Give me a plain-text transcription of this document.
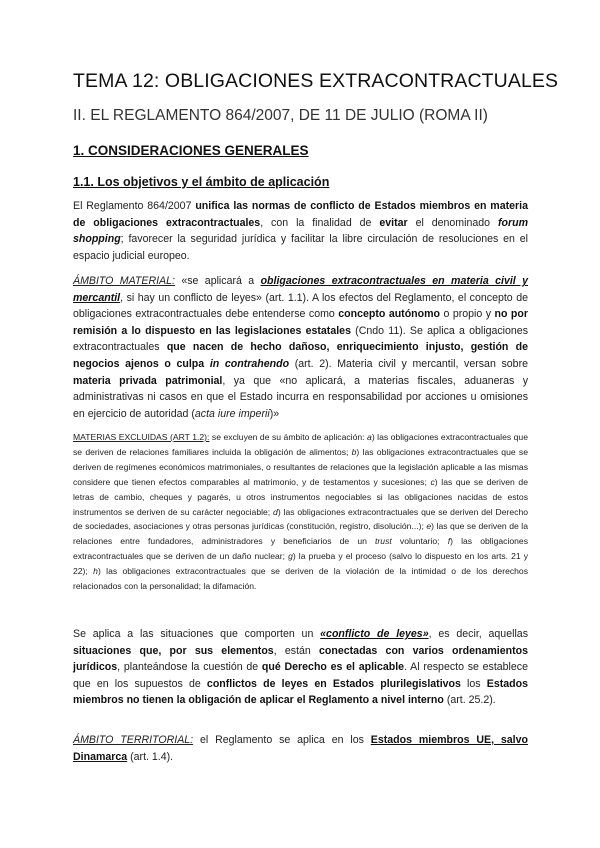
TEMA 12: OBLIGACIONES EXTRACONTRACTUALES
II. EL REGLAMENTO 864/2007, DE 11 DE JULIO (ROMA II)
1. CONSIDERACIONES GENERALES
1.1. Los objetivos y el ámbito de aplicación
El Reglamento 864/2007 unifica las normas de conflicto de Estados miembros en materia de obligaciones extracontractuales, con la finalidad de evitar el denominado forum shopping; favorecer la seguridad jurídica y facilitar la libre circulación de resoluciones en el espacio judicial europeo.
ÁMBITO MATERIAL: «se aplicará a obligaciones extracontractuales en materia civil y mercantil, si hay un conflicto de leyes» (art. 1.1). A los efectos del Reglamento, el concepto de obligaciones extracontractuales debe entenderse como concepto autónomo o propio y no por remisión a lo dispuesto en las legislaciones estatales (Cndo 11). Se aplica a obligaciones extracontractuales que nacen de hecho dañoso, enriquecimiento injusto, gestión de negocios ajenos o culpa in contrahendo (art. 2). Materia civil y mercantil, versan sobre materia privada patrimonial, ya que «no aplicará, a materias fiscales, aduaneras y administrativas ni casos en que el Estado incurra en responsabilidad por acciones u omisiones en ejercicio de autoridad (acta iure imperii)»
MATERIAS EXCLUIDAS (ART 1.2): se excluyen de su ámbito de aplicación: a) las obligaciones extracontractuales que se deriven de relaciones familiares incluida la obligación de alimentos; b) las obligaciones extracontractuales que se deriven de regímenes económicos matrimoniales, o resultantes de relaciones que la legislación aplicable a las mismas considere que tienen efectos comparables al matrimonio, y de testamentos y sucesiones; c) las que se deriven de letras de cambio, cheques y pagarés, u otros instrumentos negociables si las obligaciones nacidas de estos instrumentos se deriven de su carácter negociable; d) las obligaciones extracontractuales que se deriven del Derecho de sociedades, asociaciones y otras personas jurídicas (constitución, registro, disolución...); e) las que se deriven de la relaciones entre fundadores, administradores y beneficiarios de un trust voluntario; f) las obligaciones extracontractuales que se deriven de un daño nuclear; g) la prueba y el proceso (salvo lo dispuesto en los arts. 21 y 22); h) las obligaciones extracontractuales que se deriven de la violación de la intimidad o de los derechos relacionados con la personalidad; la difamación.
Se aplica a las situaciones que comporten un «conflicto de leyes», es decir, aquellas situaciones que, por sus elementos, están conectadas con varios ordenamientos jurídicos, planteándose la cuestión de qué Derecho es el aplicable. Al respecto se establece que en los supuestos de conflictos de leyes en Estados plurilegislativos los Estados miembros no tienen la obligación de aplicar el Reglamento a nivel interno (art. 25.2).
ÁMBITO TERRITORIAL: el Reglamento se aplica en los Estados miembros UE, salvo Dinamarca (art. 1.4).
